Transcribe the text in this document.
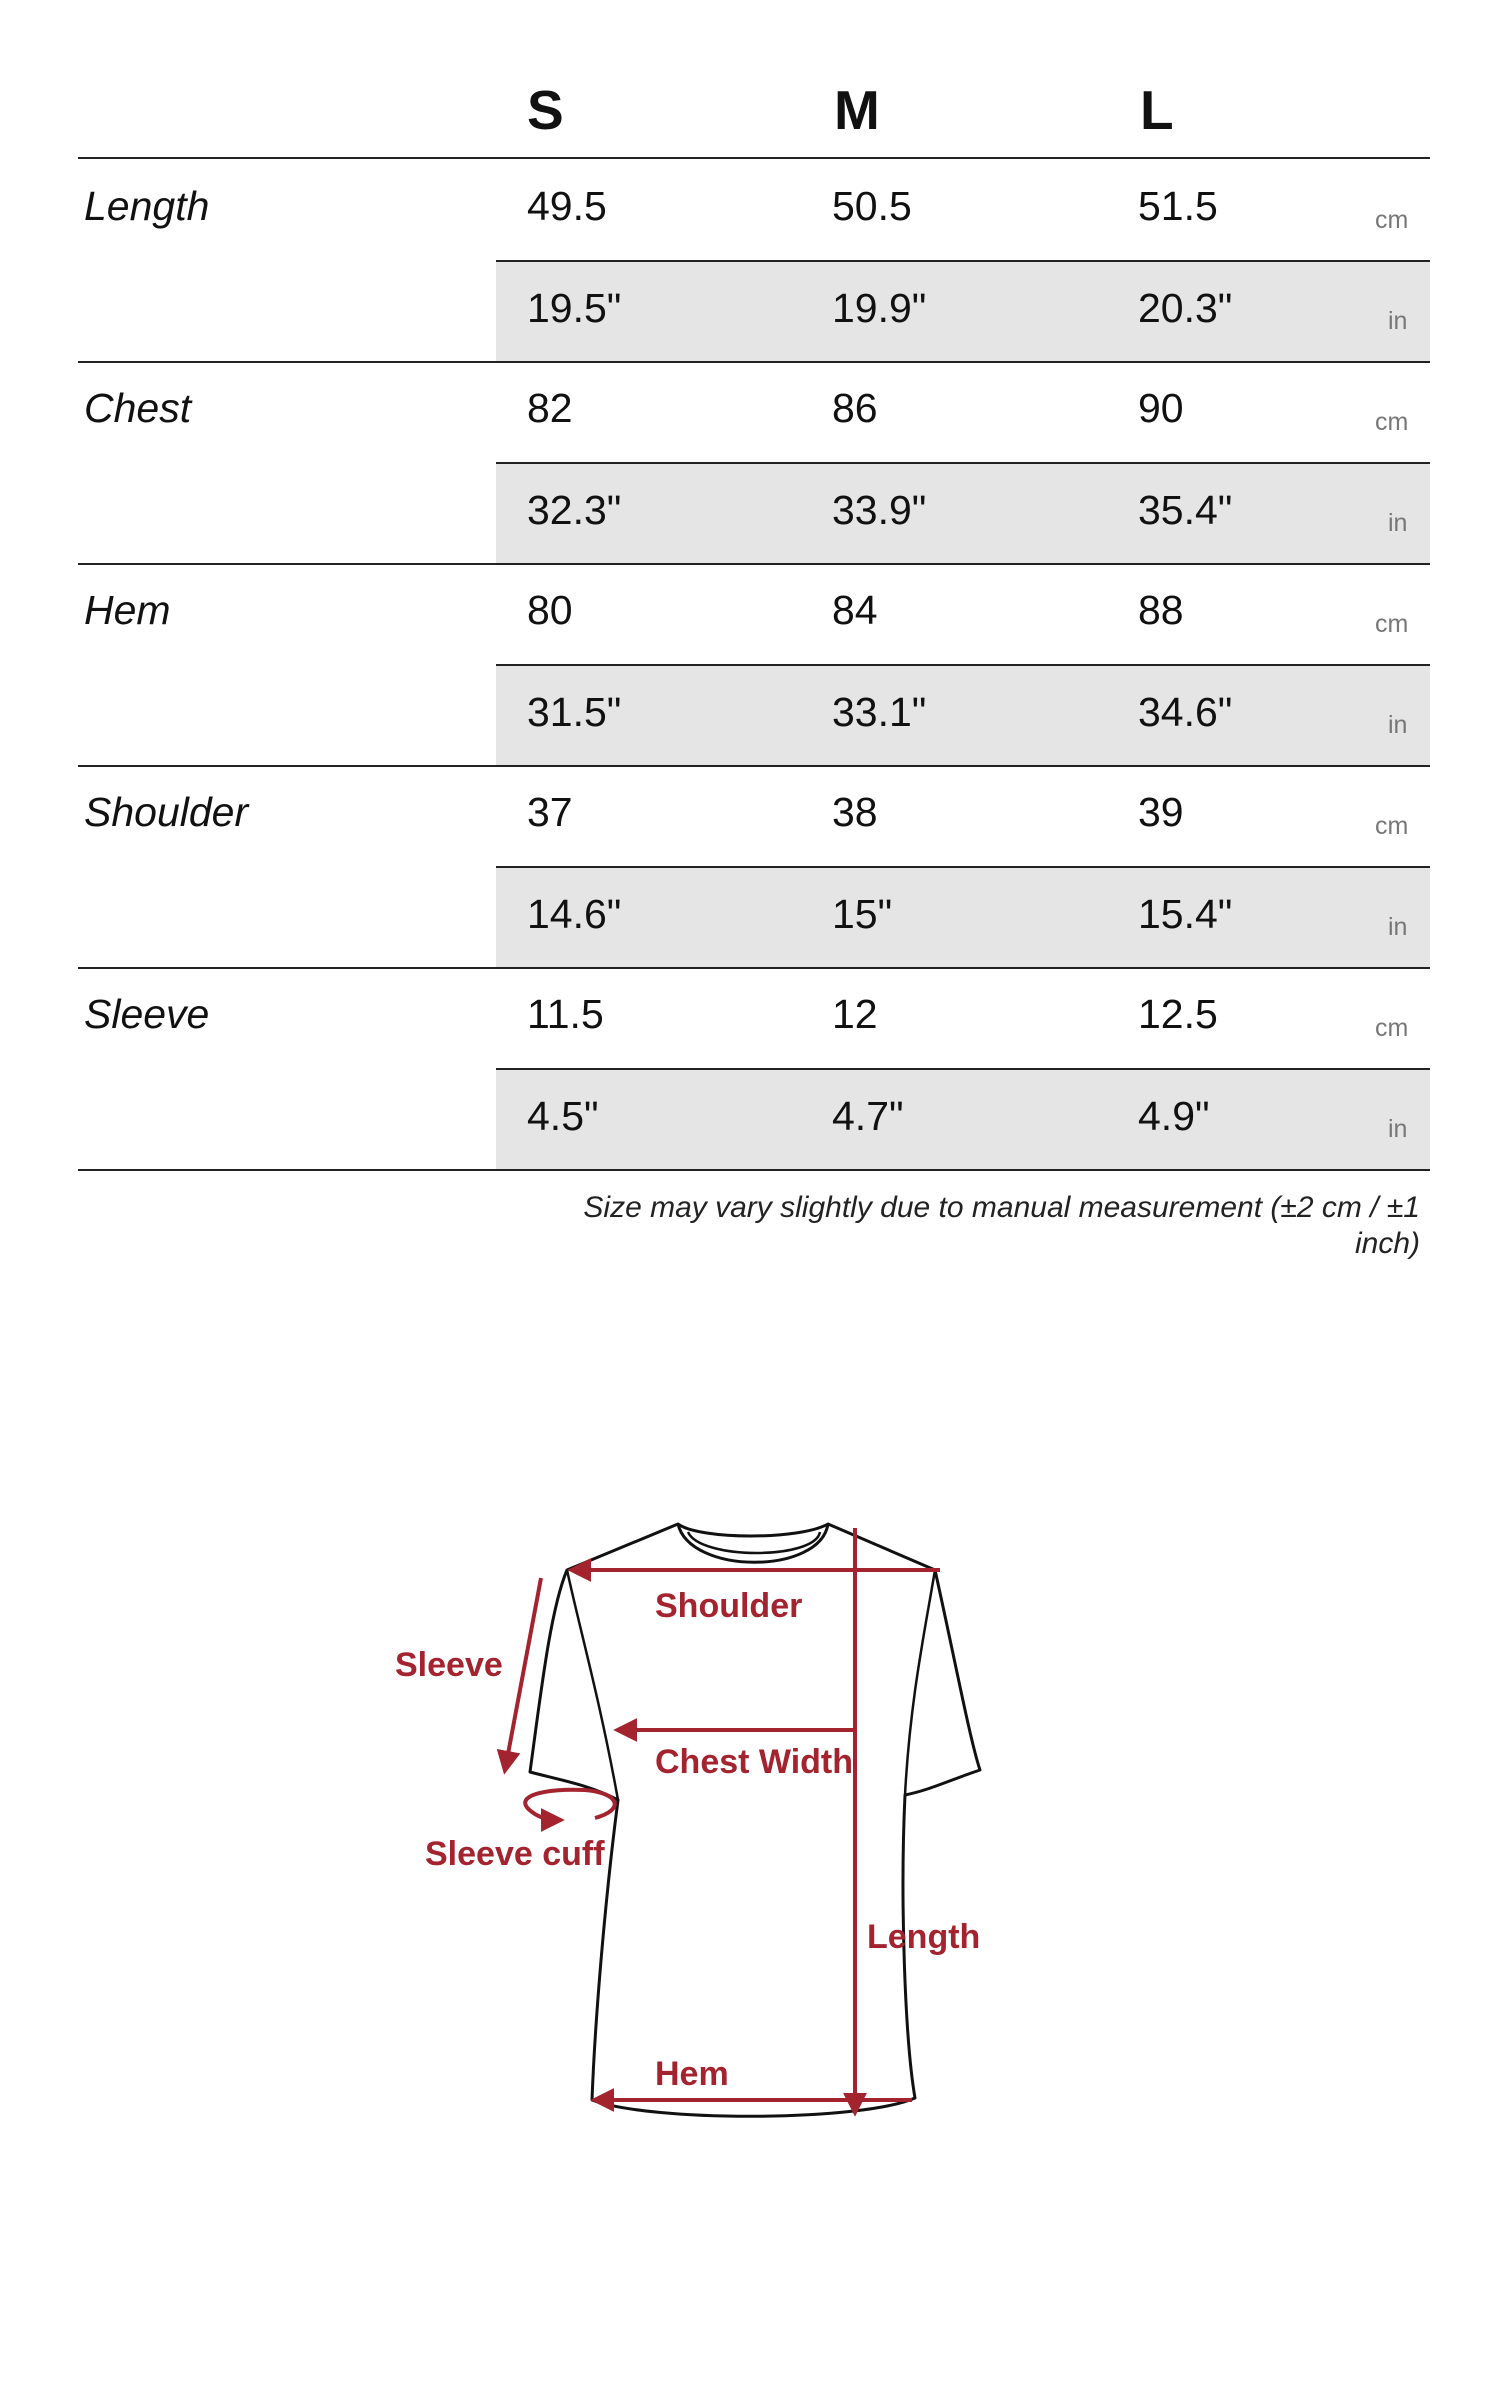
S	M	L
Length	49.5	50.5	51.5	cm
19.5"	19.9"	20.3"	in
Chest	82	86	90	cm
32.3"	33.9"	35.4"	in
Hem	80	84	88	cm
31.5"	33.1"	34.6"	in
Shoulder	37	38	39	cm
14.6"	15"	15.4"	in
Sleeve	11.5	12	12.5	cm
4.5"	4.7"	4.9"	in
Size may vary slightly due to manual measurement (±2 cm / ±1 inch)
Shoulder
Sleeve
Chest Width
Sleeve cuff
Length
Hem
